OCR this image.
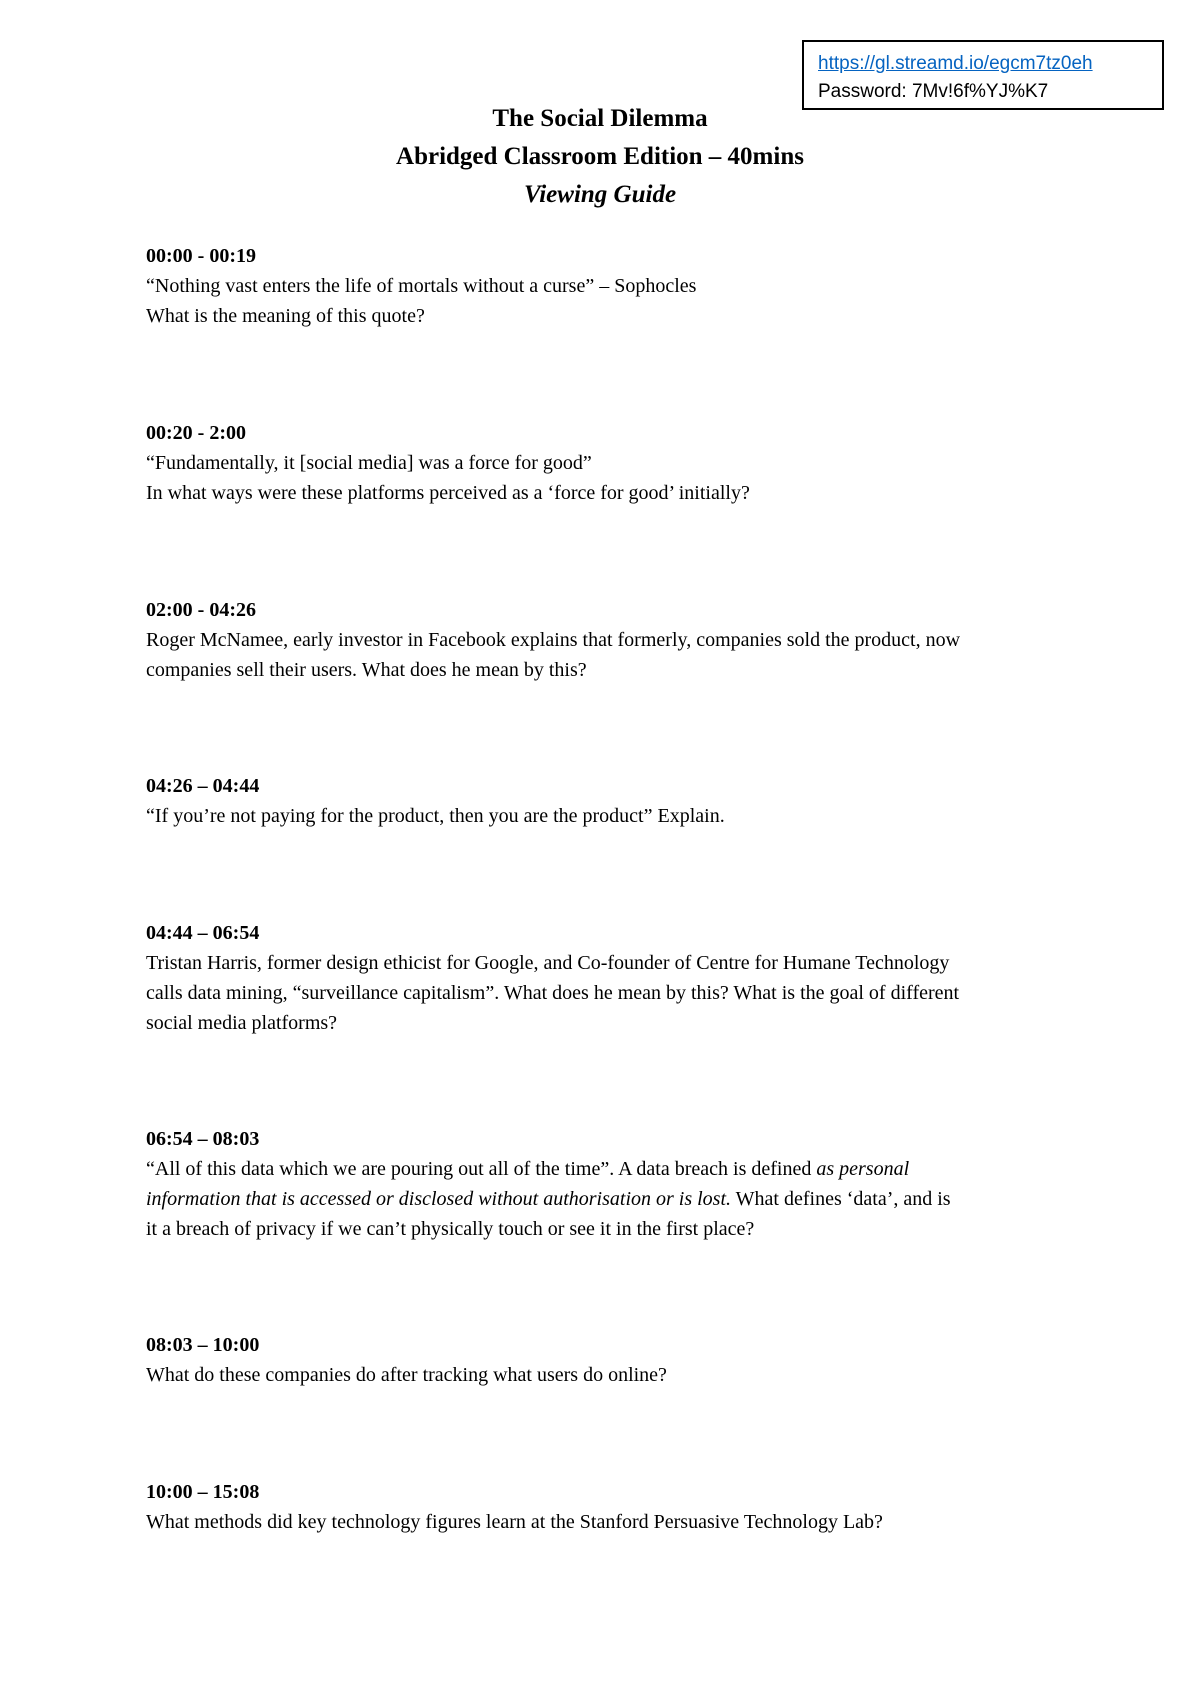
https://gl.streamd.io/egcm7tz0eh
Password: 7Mv!6f%YJ%K7
The Social Dilemma
Abridged Classroom Edition – 40mins
Viewing Guide
00:00 - 00:19
“Nothing vast enters the life of mortals without a curse” – Sophocles
What is the meaning of this quote?
00:20 - 2:00
“Fundamentally, it [social media] was a force for good”
In what ways were these platforms perceived as a ‘force for good’ initially?
02:00 - 04:26
Roger McNamee, early investor in Facebook explains that formerly, companies sold the product, now
companies sell their users. What does he mean by this?
04:26 – 04:44
“If you’re not paying for the product, then you are the product” Explain.
04:44 – 06:54
Tristan Harris, former design ethicist for Google, and Co-founder of Centre for Humane Technology
calls data mining, “surveillance capitalism”. What does he mean by this? What is the goal of different
social media platforms?
06:54 – 08:03
“All of this data which we are pouring out all of the time”. A data breach is defined as personal
information that is accessed or disclosed without authorisation or is lost. What defines ‘data’, and is
it a breach of privacy if we can’t physically touch or see it in the first place?
08:03 – 10:00
What do these companies do after tracking what users do online?
10:00 – 15:08
What methods did key technology figures learn at the Stanford Persuasive Technology Lab?
